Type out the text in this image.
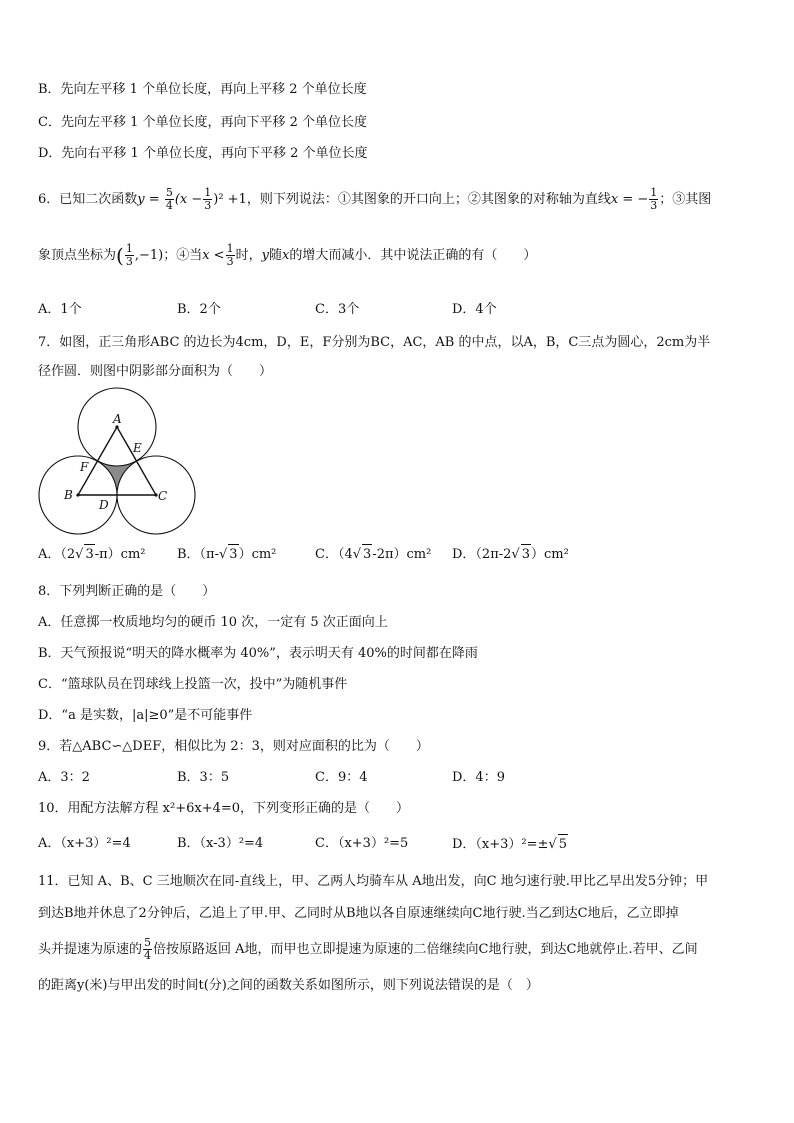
B．先向左平移 1 个单位长度，再向上平移 2 个单位长度
C．先向左平移 1 个单位长度，再向下平移 2 个单位长度
D．先向右平移 1 个单位长度，再向下平移 2 个单位长度
6．已知二次函数$y = \frac{5}{4} (x - \frac{1}{3} )^2 +1$，则下列说法：①其图象的开口向上；②其图象的对称轴为直线x = − $\frac{1}{3}$ ；③其图
象顶点坐标为( $\frac{1}{3} ,-1$)；④当$x < \frac{1}{3}$ 时，y随x的增大而减小．其中说法正确的有（　　）
A．1个	B．2个	C．3个	D．4个
7．如图，正三角形ABC 的边长为4cm，D，E，F分别为BC，AC，AB 的中点，以A，B，C三点为圆心，2cm为半
径作圆．则图中阴影部分面积为（　　）
A
E
F
B
D
C
A．（2 √ 3-π）cm² B．（π- √ 3）cm²	C．（4 √ 3-2π）cm² D．（2π-2 √ 3）cm²
8．下列判断正确的是（　　）
A．任意掷一枚质地均匀的硬币 10 次，一定有 5 次正面向上
B．天气预报说“明天的降水概率为 40%”，表示明天有 40%的时间都在降雨
C．“篮球队员在罚球线上投篮一次，投中”为随机事件
D．“a 是实数，|a|≥0”是不可能事件
9．若△ABC∽△DEF，相似比为 2：3，则对应面积的比为（　　）
A．3：2	B．3：5	C．9：4	D．4：9
10．用配方法解方程 x²+6x+4=0，下列变形正确的是（　　）
A．（x+3）²=4	B．（x-3）²=4	C．（x+3）²=5	D．（x+3）²=± √ 5
11．已知 A、B、C 三地顺次在同-直线上，甲、乙两人均骑车从 A地出发，向C 地匀速行驶.甲比乙早出发5分钟；甲
到达B地并休息了2分钟后，乙追上了甲.甲、乙同时从B地以各自原速继续向C地行驶.当乙到达C地后，乙立即掉
头并提速为原速的 $\frac{5}{4}$ 倍按原路返回 A地，而甲也立即提速为原速的二倍继续向C地行驶，到达C地就停止.若甲、乙间
的距离y(米)与甲出发的时间t(分)之间的函数关系如图所示，则下列说法错误的是（　）
